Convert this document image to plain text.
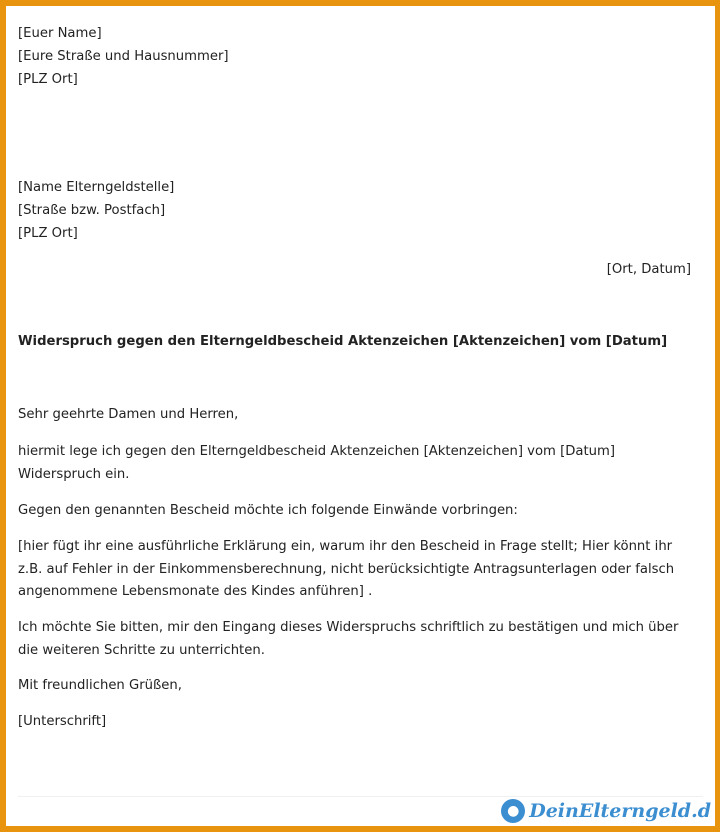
[Euer Name]
[Eure Straße und Hausnummer]
[PLZ Ort]
[Name Elterngeldstelle]
[Straße bzw. Postfach]
[PLZ Ort]
[Ort, Datum]
Widerspruch gegen den Elterngeldbescheid Aktenzeichen [Aktenzeichen] vom [Datum]
Sehr geehrte Damen und Herren,
hiermit lege ich gegen den Elterngeldbescheid Aktenzeichen [Aktenzeichen] vom [Datum] Widerspruch ein.
Gegen den genannten Bescheid möchte ich folgende Einwände vorbringen:
[hier fügt ihr eine ausführliche Erklärung ein, warum ihr den Bescheid in Frage stellt; Hier könnt ihr z.B. auf Fehler in der Einkommensberechnung, nicht berücksichtigte Antragsunterlagen oder falsch angenommene Lebensmonate des Kindes anführen] .
Ich möchte Sie bitten, mir den Eingang dieses Widerspruchs schriftlich zu bestätigen und mich über die weiteren Schritte zu unterrichten.
Mit freundlichen Grüßen,
[Unterschrift]
● DeinElterngeld.d
